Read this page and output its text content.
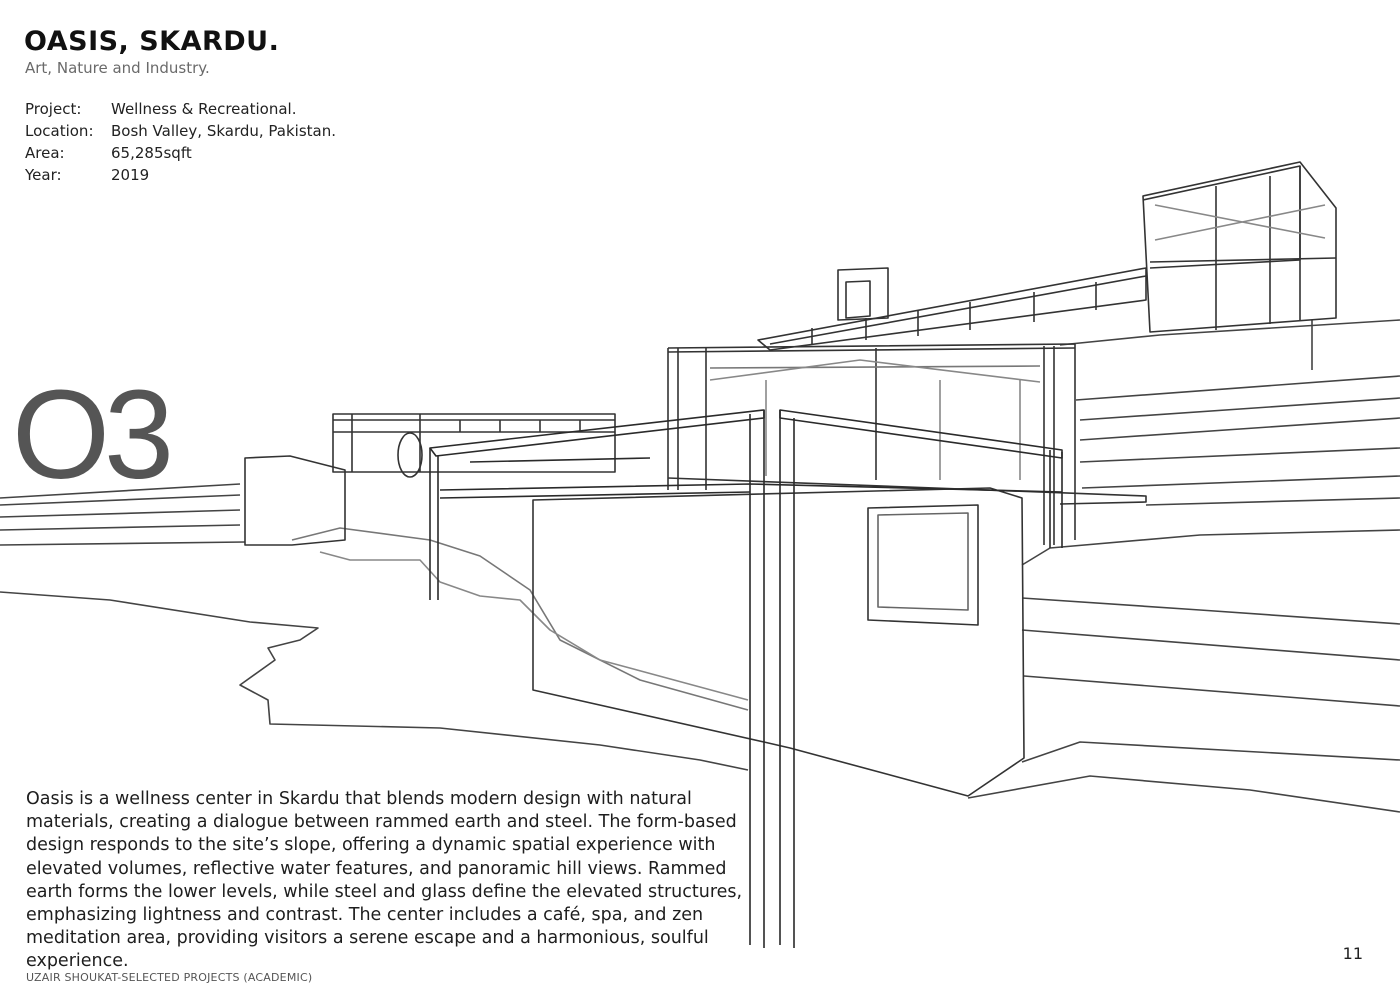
OASIS, SKARDU.
Art, Nature and Industry.
Project:	Wellness & Recreational.
Location:	Bosh Valley, Skardu, Pakistan.
Area:	65,285sqft
Year:	2019
O3

Oasis is a wellness center in Skardu that blends modern design with natural materials, creating a dialogue between rammed earth and steel. The form-based design responds to the site’s slope, offering a dynamic spatial experience with elevated volumes, reflective water features, and panoramic hill views. Rammed earth forms the lower levels, while steel and glass define the elevated structures, emphasizing lightness and contrast. The center includes a café, spa, and zen meditation area, providing visitors a serene escape and a harmonious, soulful experience.	11
UZAIR SHOUKAT-SELECTED PROJECTS (ACADEMIC)
